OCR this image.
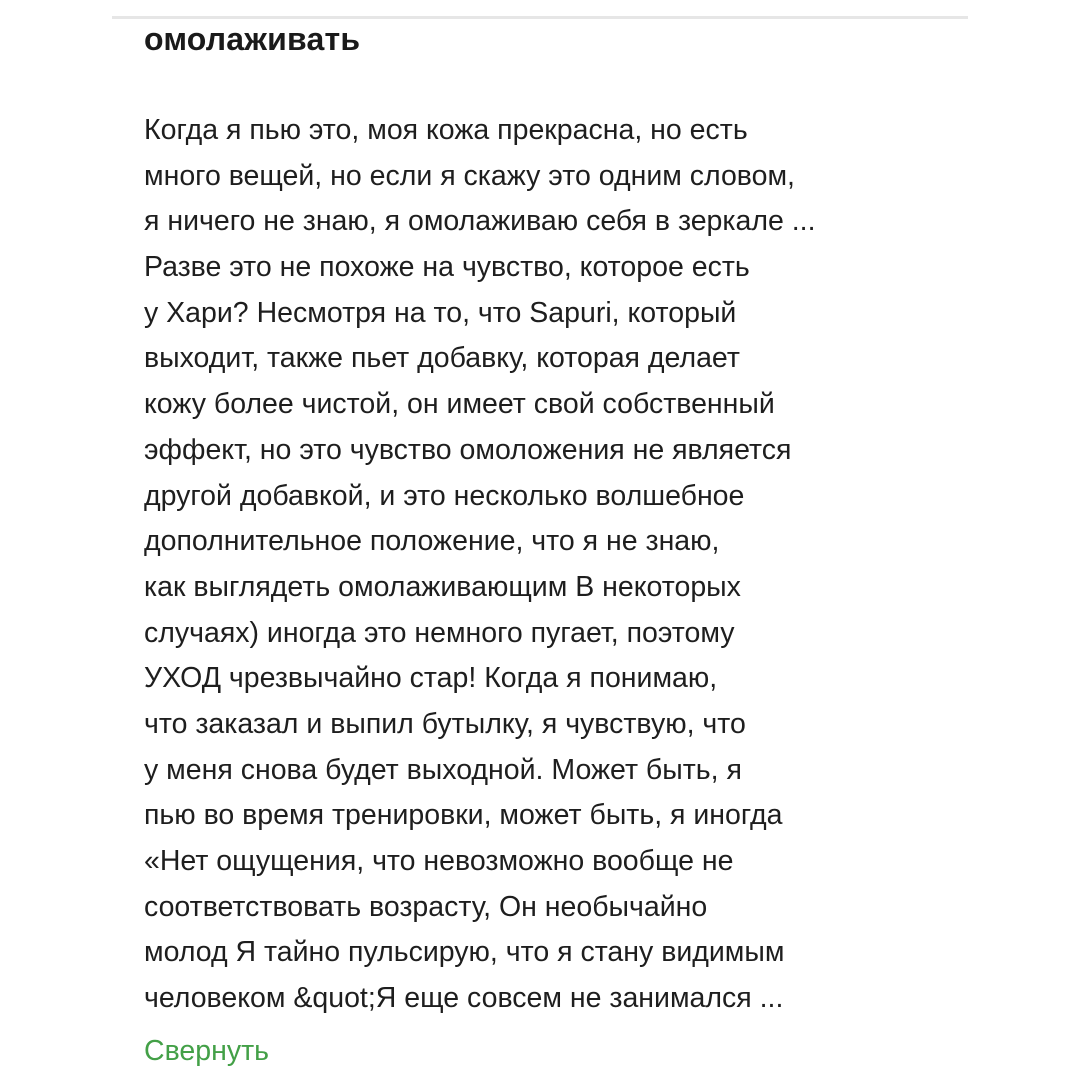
омолаживать
Когда я пью это, моя кожа прекрасна, но есть
много вещей, но если я скажу это одним словом,
я ничего не знаю, я омолаживаю себя в зеркале ...
Разве это не похоже на чувство, которое есть
у Хари? Несмотря на то, что Sapuri, который
выходит, также пьет добавку, которая делает
кожу более чистой, он имеет свой собственный
эффект, но это чувство омоложения не является
другой добавкой, и это несколько волшебное
дополнительное положение, что я не знаю,
как выглядеть омолаживающим В некоторых
случаях) иногда это немного пугает, поэтому
УХОД чрезвычайно стар! Когда я понимаю,
что заказал и выпил бутылку, я чувствую, что
у меня снова будет выходной. Может быть, я
пью во время тренировки, может быть, я иногда
«Нет ощущения, что невозможно вообще не
соответствовать возрасту, Он необычайно
молод Я тайно пульсирую, что я стану видимым
человеком &quot;Я еще совсем не занимался ...
Свернуть
